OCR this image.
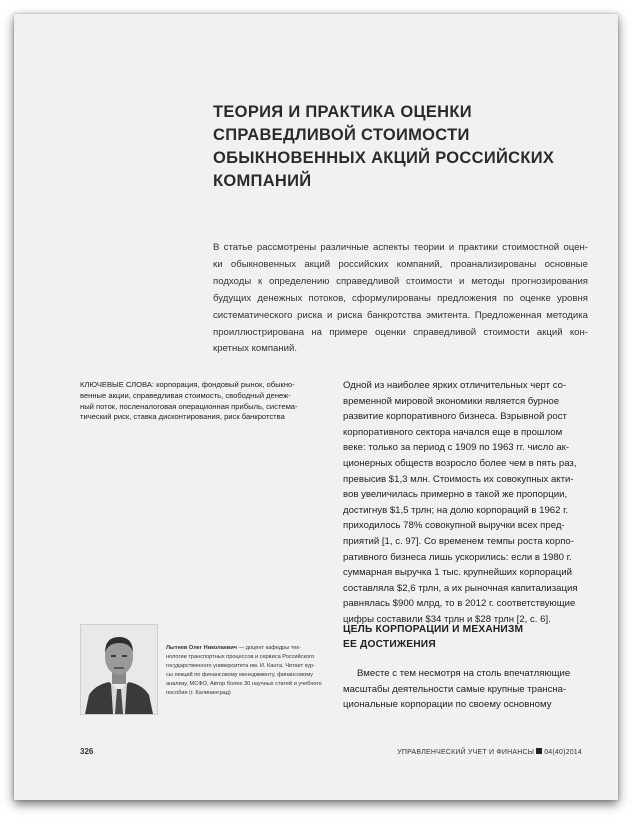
ТЕОРИЯ И ПРАКТИКА ОЦЕНКИ
СПРАВЕДЛИВОЙ СТОИМОСТИ
ОБЫКНОВЕННЫХ АКЦИЙ РОССИЙСКИХ
КОМПАНИЙ
В статье рассмотрены различные аспекты теории и практики стоимостной оцен-
ки обыкновенных акций российских компаний, проанализированы основные
подходы к определению справедливой стоимости и методы прогнозирования
будущих денежных потоков, сформулированы предложения по оценке уровня
систематического риска и риска банкротства эмитента. Предложенная методика
проиллюстрирована на примере оценки справедливой стоимости акций кон-
кретных компаний.
КЛЮЧЕВЫЕ СЛОВА: корпорация, фондовый рынок, обыкно-
венные акции, справедливая стоимость, свободный денеж-
ный поток, посленалоговая операционная прибыль, системa-
тический риск, ставка дисконтирования, риск банкротства
Одной из наиболее ярких отличительных черт со-
временной мировой экономики является бурное
развитие корпоративного бизнеса. Взрывной рост
корпоративного сектора начался еще в прошлом
веке: только за период с 1909 по 1963 гг. число ак-
ционерных обществ возросло более чем в пять раз,
превысив $1,3 млн. Стоимость их совокупных акти-
вов увеличилась примерно в такой же пропорции,
достигнув $1,5 трлн; на долю корпораций в 1962 г.
приходилось 78% совокупной выручки всех пред-
приятий [1, с. 97]. Со временем темпы роста корпо-
ративного бизнеса лишь ускорились: если в 1980 г.
суммарная выручка 1 тыс. крупнейших корпораций
составляла $2,6 трлн, а их рыночная капитализация
равнялась $900 млрд, то в 2012 г. соответствующие
цифры составили $34 трлн и $28 трлн [2, с. 6].
ЦЕЛЬ КОРПОРАЦИИ И МЕХАНИЗМ
ЕЕ ДОСТИЖЕНИЯ
Вместе с тем несмотря на столь впечатляющие
масштабы деятельности самые крупные трансна-
циональные корпорации по своему основному
Лытнев Олег Николаевич — доцент кафедры тех-
нологии транспортных процессов и сервиса Российского
государственного университета им. И. Канта. Читает кур-
сы лекций по финансовому менеджменту, финансовому
анализу, МСФО. Автор более 30 научных статей и учебного
пособия (г. Калининград)
326	УПРАВЛЕНЧЕСКИЙ УЧЕТ И ФИНАНСЫ 04(40)2014
